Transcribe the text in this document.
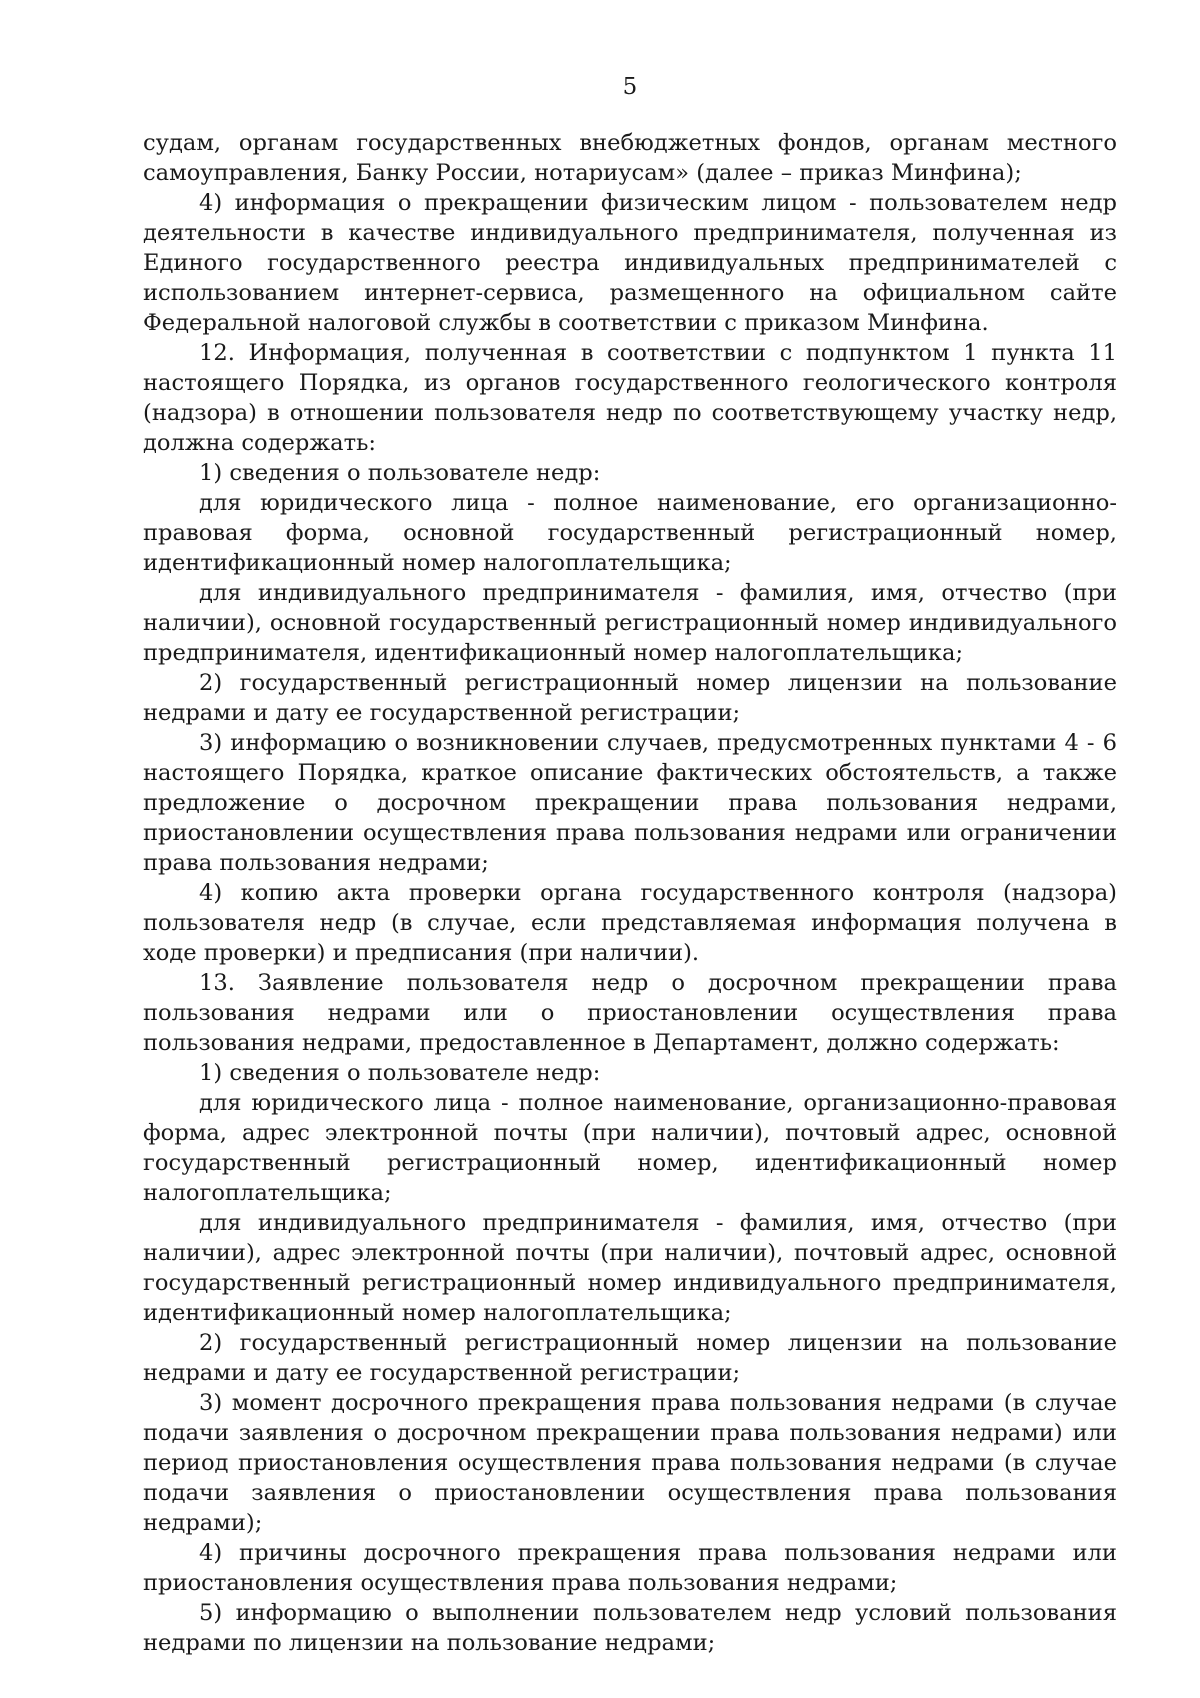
5

судам, органам государственных внебюджетных фондов, органам местного самоуправления, Банку России, нотариусам» (далее – приказ Минфина);

4) информация о прекращении физическим лицом - пользователем недр деятельности в качестве индивидуального предпринимателя, полученная из Единого государственного реестра индивидуальных предпринимателей с использованием интернет-сервиса, размещенного на официальном сайте Федеральной налоговой службы в соответствии с приказом Минфина.

12. Информация, полученная в соответствии с подпунктом 1 пункта 11 настоящего Порядка, из органов государственного геологического контроля (надзора) в отношении пользователя недр по соответствующему участку недр, должна содержать:

1) сведения о пользователе недр:

для юридического лица - полное наименование, его организационно-правовая форма, основной государственный регистрационный номер, идентификационный номер налогоплательщика;

для индивидуального предпринимателя - фамилия, имя, отчество (при наличии), основной государственный регистрационный номер индивидуального предпринимателя, идентификационный номер налогоплательщика;

2) государственный регистрационный номер лицензии на пользование недрами и дату ее государственной регистрации;

3) информацию о возникновении случаев, предусмотренных пунктами 4 - 6 настоящего Порядка, краткое описание фактических обстоятельств, а также предложение о досрочном прекращении права пользования недрами, приостановлении осуществления права пользования недрами или ограничении права пользования недрами;

4) копию акта проверки органа государственного контроля (надзора) пользователя недр (в случае, если представляемая информация получена в ходе проверки) и предписания (при наличии).

13. Заявление пользователя недр о досрочном прекращении права пользования недрами или о приостановлении осуществления права пользования недрами, предоставленное в Департамент, должно содержать:

1) сведения о пользователе недр:

для юридического лица - полное наименование, организационно-правовая форма, адрес электронной почты (при наличии), почтовый адрес, основной государственный регистрационный номер, идентификационный номер налогоплательщика;

для индивидуального предпринимателя - фамилия, имя, отчество (при наличии), адрес электронной почты (при наличии), почтовый адрес, основной государственный регистрационный номер индивидуального предпринимателя, идентификационный номер налогоплательщика;

2) государственный регистрационный номер лицензии на пользование недрами и дату ее государственной регистрации;

3) момент досрочного прекращения права пользования недрами (в случае подачи заявления о досрочном прекращении права пользования недрами) или период приостановления осуществления права пользования недрами (в случае подачи заявления о приостановлении осуществления права пользования недрами);

4) причины досрочного прекращения права пользования недрами или приостановления осуществления права пользования недрами;

5) информацию о выполнении пользователем недр условий пользования недрами по лицензии на пользование недрами;
